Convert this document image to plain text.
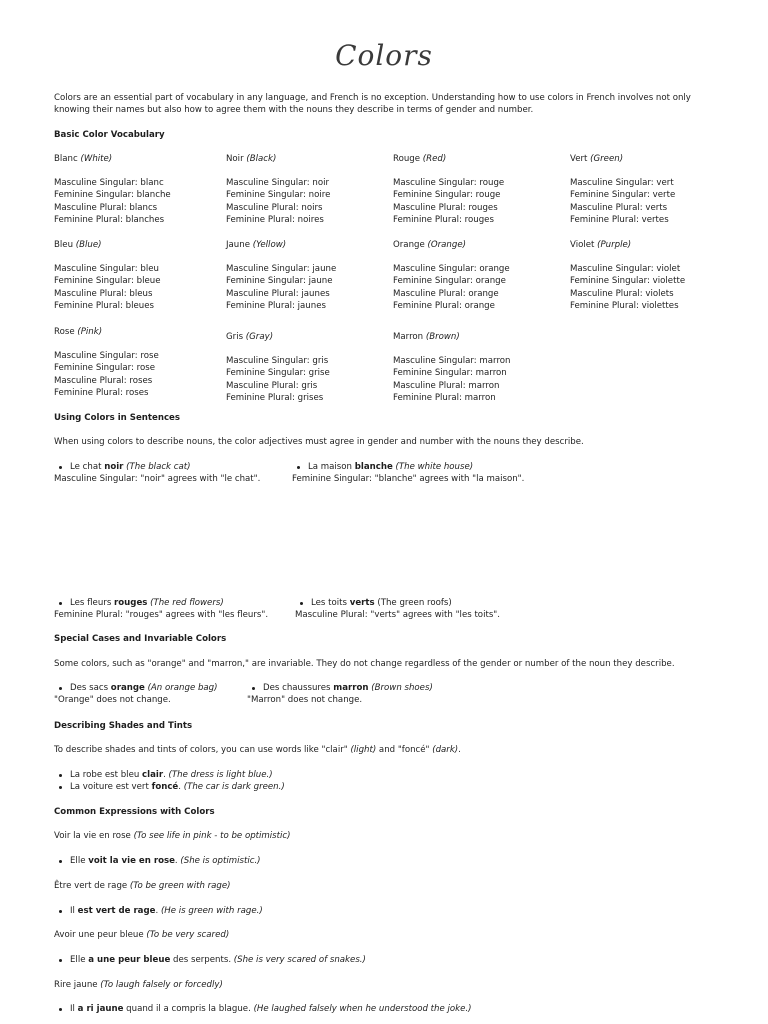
Colors
Colors are an essential part of vocabulary in any language, and French is no exception. Understanding how to use colors in French involves not only knowing their names but also how to agree them with the nouns they describe in terms of gender and number.
Basic Color Vocabulary
Blanc (White)
Masculine Singular: blanc
Feminine Singular: blanche
Masculine Plural: blancs
Feminine Plural: blanches
Noir (Black)
Masculine Singular: noir
Feminine Singular: noire
Masculine Plural: noirs
Feminine Plural: noires
Rouge (Red)
Masculine Singular: rouge
Feminine Singular: rouge
Masculine Plural: rouges
Feminine Plural: rouges
Vert (Green)
Masculine Singular: vert
Feminine Singular: verte
Masculine Plural: verts
Feminine Plural: vertes
Bleu (Blue)
Masculine Singular: bleu
Feminine Singular: bleue
Masculine Plural: bleus
Feminine Plural: bleues
Jaune (Yellow)
Masculine Singular: jaune
Feminine Singular: jaune
Masculine Plural: jaunes
Feminine Plural: jaunes
Orange (Orange)
Masculine Singular: orange
Feminine Singular: orange
Masculine Plural: orange
Feminine Plural: orange
Violet (Purple)
Masculine Singular: violet
Feminine Singular: violette
Masculine Plural: violets
Feminine Plural: violettes
Rose (Pink)
Masculine Singular: rose
Feminine Singular: rose
Masculine Plural: roses
Feminine Plural: roses
Gris (Gray)
Masculine Singular: gris
Feminine Singular: grise
Masculine Plural: gris
Feminine Plural: grises
Marron (Brown)
Masculine Singular: marron
Feminine Singular: marron
Masculine Plural: marron
Feminine Plural: marron
Using Colors in Sentences
When using colors to describe nouns, the color adjectives must agree in gender and number with the nouns they describe.
Le chat noir (The black cat)
Masculine Singular: "noir" agrees with "le chat".
La maison blanche (The white house)
Feminine Singular: "blanche" agrees with "la maison".
Les fleurs rouges (The red flowers)
Feminine Plural: "rouges" agrees with "les fleurs".
Les toits verts (The green roofs)
Masculine Plural: "verts" agrees with "les toits".
Special Cases and Invariable Colors
Some colors, such as "orange" and "marron," are invariable. They do not change regardless of the gender or number of the noun they describe.
Des sacs orange (An orange bag)
"Orange" does not change.
Des chaussures marron (Brown shoes)
"Marron" does not change.
Describing Shades and Tints
To describe shades and tints of colors, you can use words like "clair" (light) and "foncé" (dark).
La robe est bleu clair. (The dress is light blue.)
La voiture est vert foncé. (The car is dark green.)
Common Expressions with Colors
Voir la vie en rose (To see life in pink - to be optimistic)
Elle voit la vie en rose. (She is optimistic.)
Être vert de rage (To be green with rage)
Il est vert de rage. (He is green with rage.)
Avoir une peur bleue (To be very scared)
Elle a une peur bleue des serpents. (She is very scared of snakes.)
Rire jaune (To laugh falsely or forcedly)
Il a ri jaune quand il a compris la blague. (He laughed falsely when he understood the joke.)
